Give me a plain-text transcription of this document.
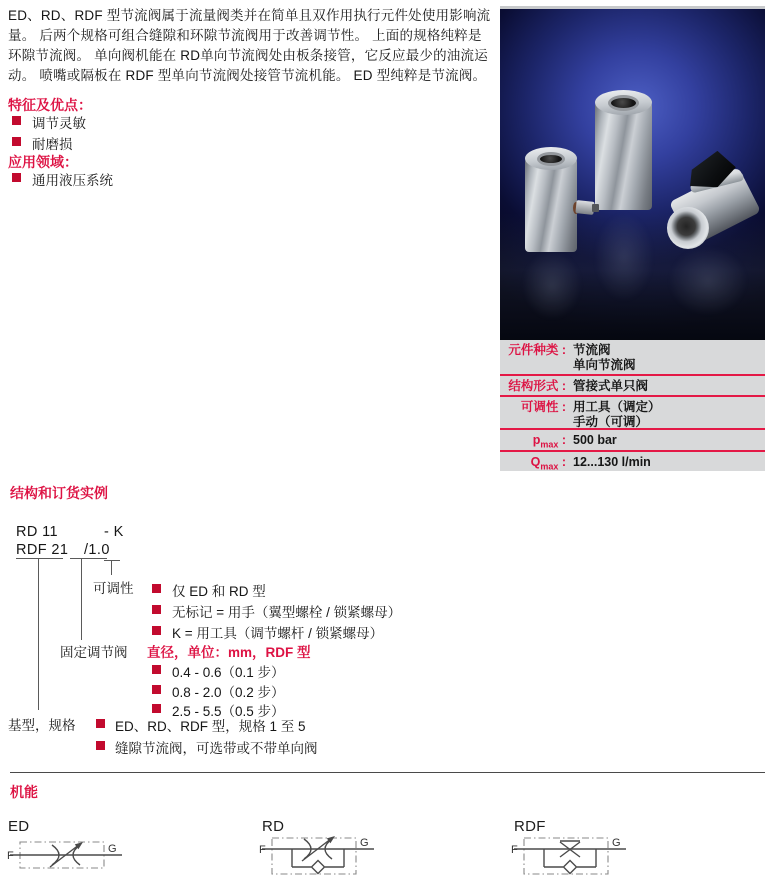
ED、RD、RDF 型节流阀属于流量阀类并在简单且双作用执行元件处使用影响流
量。 后两个规格可组合缝隙和环隙节流阀用于改善调节性。 上面的规格纯粹是
环隙节流阀。 单向阀机能在 RD单向节流阀处由板条接管，它反应最少的油流运
动。 喷嘴或隔板在 RDF 型单向节流阀处接管节流机能。 ED 型纯粹是节流阀。
特征及优点：
调节灵敏
耐磨损
应用领域：
通用液压系统
元件种类 : 节流阀
单向节流阀
结构形式 : 管接式单只阀
可调性 : 用工具（调定）
手动（可调）
$p_{max}$ : 500 bar
$Q_{max}$ : 12...130 l/min
结构和订货实例
RD 11	- K
RDF 21 /1.0
可调性	仅 ED 和 RD 型
无标记 = 用手（翼型螺栓 / 锁紧螺母）
K = 用工具（调节螺杆 / 锁紧螺母）
固定调节阀 直径，单位：mm，RDF 型
0.4 - 0.6（0.1 步）
0.8 - 2.0（0.2 步）
2.5 - 5.5（0.5 步）
基型，规格	ED、RD、RDF 型，规格 1 至 5
缝隙节流阀，可选带或不带单向阀
机能
ED	RD	RDF
F
G	F
G
F
G
